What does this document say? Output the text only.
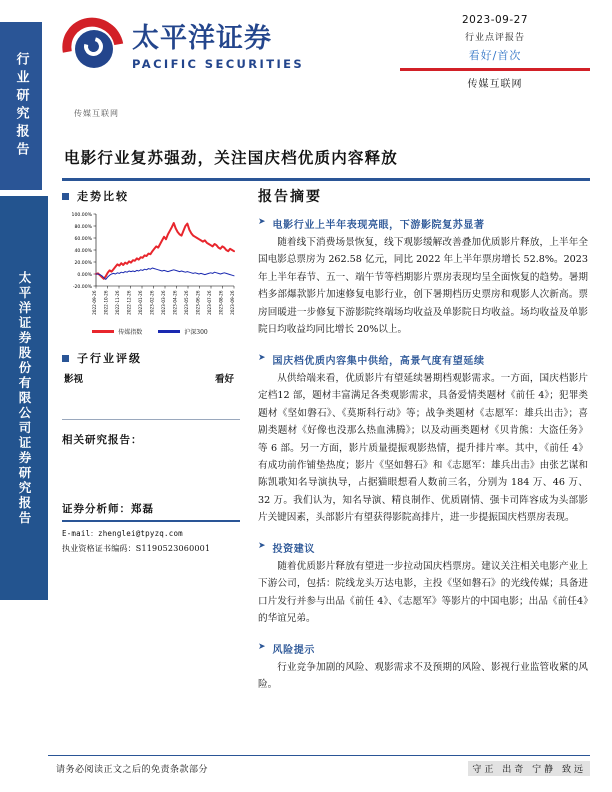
行业研究报告
太平洋证券股份有限公司证券研究报告
太平洋证券
PACIFIC SECURITIES
传媒互联网
2023-09-27
行业点评报告
看好/首次
传媒互联网
电影行业复苏强劲，关注国庆档优质内容释放
走势比较
-20.00%
0.00%
20.00%
40.00%
60.00%
80.00%
100.00%
2022-09-26 2022-10-26 2022-11-26 2022-12-26 2023-01-26 2023-02-26 2023-03-26 2023-04-26 2023-05-26 2023-06-26 2023-07-26 2023-08-26 2023-09-26
传媒指数	沪深300
子行业评级
影视	看好
相关研究报告：
证券分析师：郑磊
E-mail：zhenglei@tpyzq.com
执业资格证书编码：S1190523060001
报告摘要
➤ 电影行业上半年表现亮眼，下游影院复苏显著
随着线下消费场景恢复，线下观影缓解改善叠加优质影片释放，上半年全国电影总票房为 262.58 亿元，同比 2022 年上半年票房增长 52.8%。2023 年上半年春节、五一、端午节等档期影片票房表现均呈全面恢复的趋势。暑期档多部爆款影片加速修复电影行业，创下暑期档历史票房和观影人次新高。票房回暖进一步修复下游影院终端场均收益及单影院日均收益。场均收益及单影院日均收益均同比增长 20%以上。
➤ 国庆档优质内容集中供给，高景气度有望延续
从供给端来看，优质影片有望延续暑期档观影需求。一方面，国庆档影片定档12 部，题材丰富满足各类观影需求，具备爱情类题材《前任 4》；犯罪类题材《坚如磐石》、《莫斯科行动》等；战争类题材《志愿军：雄兵出击》；喜剧类题材《好像也没那么热血沸腾》；以及动画类题材《贝肯熊：大盗任务》等 6 部。另一方面，影片质量提振观影热情，提升排片率。其中，《前任 4》有成功前作铺垫热度；影片《坚如磐石》和《志愿军：雄兵出击》由张艺谋和陈凯歌知名导演执导，占据猫眼想看人数前三名，分别为 184 万、46 万、32 万。我们认为，知名导演、精良制作、优质剧情、强卡司阵容成为头部影片关键因素，头部影片有望获得影院高排片，进一步提振国庆档票房表现。
➤ 投资建议
随着优质影片释放有望进一步拉动国庆档票房。建议关注相关电影产业上下游公司，包括：院线龙头万达电影，主投《坚如磐石》的光线传媒；具备进口片发行并参与出品《前任 4》、《志愿军》等影片的中国电影；出品《前任4》的华谊兄弟。
➤ 风险提示
行业竞争加剧的风险、观影需求不及预期的风险、影视行业监管收紧的风险。
请务必阅读正文之后的免责条款部分	守正 出奇 宁静 致远
